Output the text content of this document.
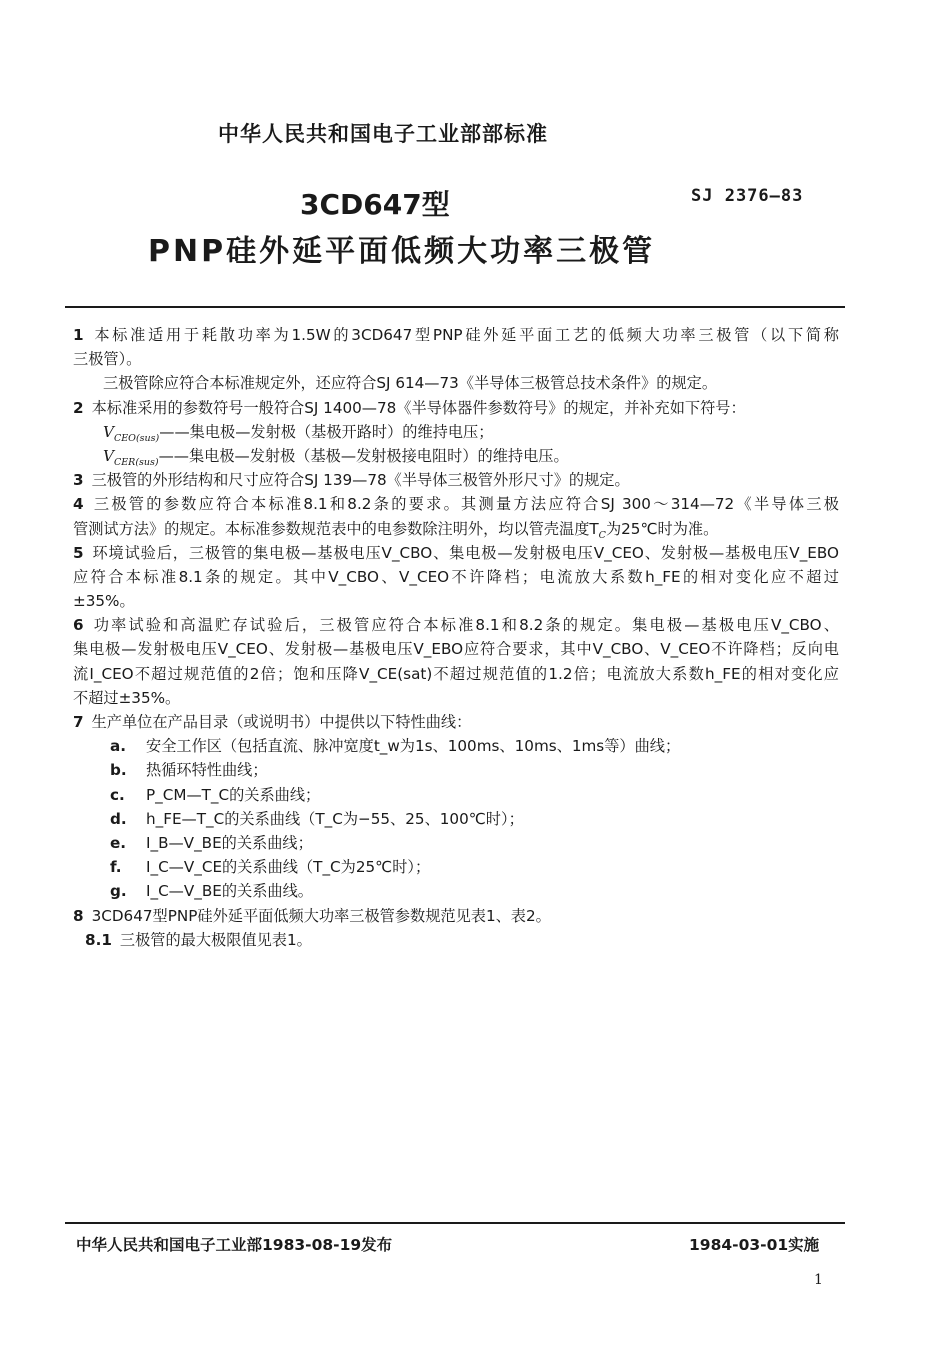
中华人民共和国电子工业部部标准
3CD647型	SJ 2376—83
PNP硅外延平面低频大功率三极管
1 本标准适用于耗散功率为1.5W的3CD647型PNP硅外延平面工艺的低频大功率三极管（以下简称
三极管）。
三极管除应符合本标准规定外，还应符合SJ 614—73《半导体三极管总技术条件》的规定。
2 本标准采用的参数符号一般符合SJ 1400—78《半导体器件参数符号》的规定，并补充如下符号：
$V_{CEO(sus)}——$集电极—发射极（基极开路时）的维持电压；
$V_{CER(sus)}——$集电极—发射极（基极—发射极接电阻时）的维持电压。
3 三极管的外形结构和尺寸应符合SJ 139—78《半导体三极管外形尺寸》的规定。
4 三极管的参数应符合本标准8.1和8.2条的要求。其测量方法应符合SJ 300～314—72《半导体三极
管测试方法》的规定。本标准参数规范表中的电参数除注明外，均以管壳温度$T_C$为25℃时为准。
5 环境试验后，三极管的集电极—基极电压V_CBO、集电极—发射极电压V_CEO、发射极—基极电压V_EBO
应符合本标准8.1条的规定。其中V_CBO、V_CEO不许降档；电流放大系数h_FE的相对变化应不超过
±35%。
6 功率试验和高温贮存试验后，三极管应符合本标准8.1和8.2条的规定。集电极—基极电压V_CBO、
集电极—发射极电压V_CEO、发射极—基极电压V_EBO应符合要求，其中V_CBO、V_CEO不许降档；反向电
流I_CEO不超过规范值的2倍；饱和压降V_CE(sat)不超过规范值的1.2倍；电流放大系数h_FE的相对变化应
不超过±35%。
7 生产单位在产品目录（或说明书）中提供以下特性曲线：
a. 安全工作区（包括直流、脉冲宽度t_w为1s、100ms、10ms、1ms等）曲线；
b. 热循环特性曲线；
c. P_CM—T_C的关系曲线；
d. h_FE—T_C的关系曲线（T_C为−55、25、100℃时）；
e. I_B—V_BE的关系曲线；
f. I_C—V_CE的关系曲线（T_C为25℃时）；
g. I_C—V_BE的关系曲线。
8 3CD647型PNP硅外延平面低频大功率三极管参数规范见表1、表2。
8.1 三极管的最大极限值见表1。
中华人民共和国电子工业部1983-08-19发布	1984-03-01实施
1
